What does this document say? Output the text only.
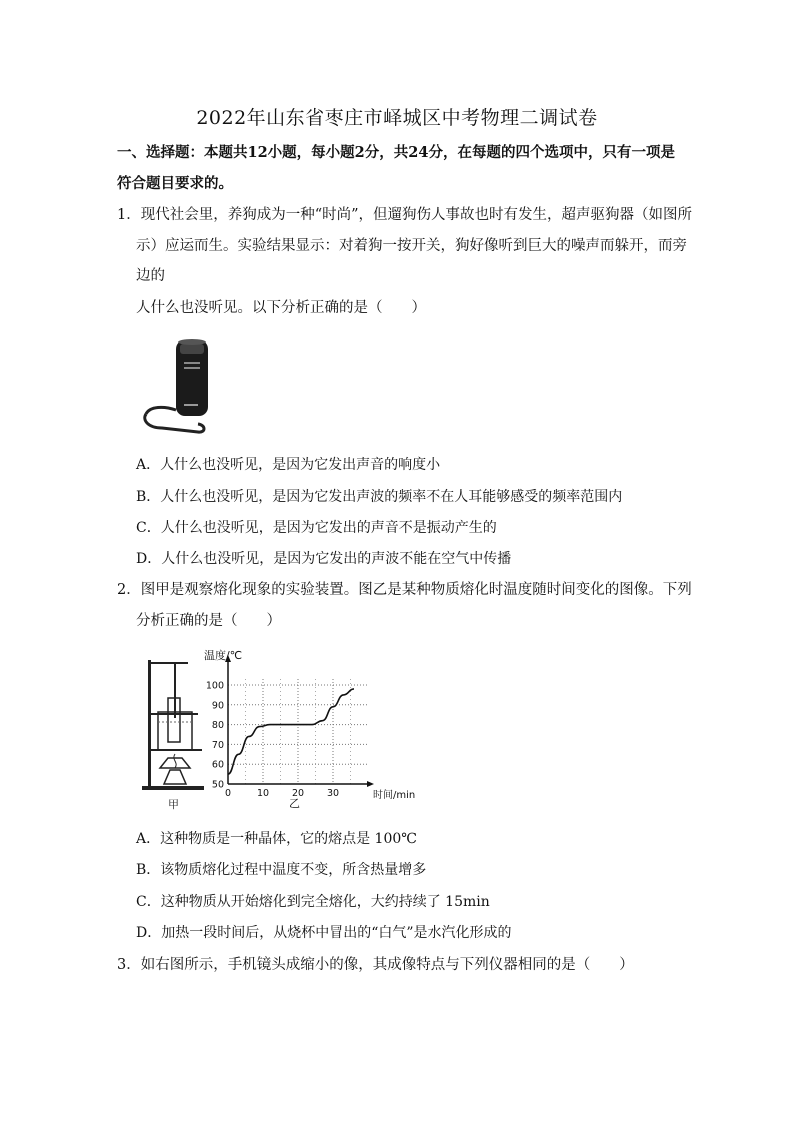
2022年山东省枣庄市峄城区中考物理二调试卷
一、选择题：本题共12小题，每小题2分，共24分，在每题的四个选项中，只有一项是
符合题目要求的。
1．现代社会里，养狗成为一种“时尚”，但遛狗伤人事故也时有发生，超声驱狗器（如图所
示）应运而生。实验结果显示：对着狗一按开关，狗好像听到巨大的噪声而躲开，而旁
边的
人什么也没听见。以下分析正确的是（　　）
A．人什么也没听见，是因为它发出声音的响度小
B．人什么也没听见，是因为它发出声波的频率不在人耳能够感受的频率范围内
C．人什么也没听见，是因为它发出的声音不是振动产生的
D．人什么也没听见，是因为它发出的声波不能在空气中传播
2．图甲是观察熔化现象的实验装置。图乙是某种物质熔化时温度随时间变化的图像。下列
分析正确的是（　　）
甲
50
60
70
80
90
100
0	10 20 30
温度/℃
时间/min
乙
A．这种物质是一种晶体，它的熔点是 100℃
B．该物质熔化过程中温度不变，所含热量增多
C．这种物质从开始熔化到完全熔化，大约持续了 15min
D．加热一段时间后，从烧杯中冒出的“白气”是水汽化形成的
3．如右图所示，手机镜头成缩小的像，其成像特点与下列仪器相同的是（　　）
